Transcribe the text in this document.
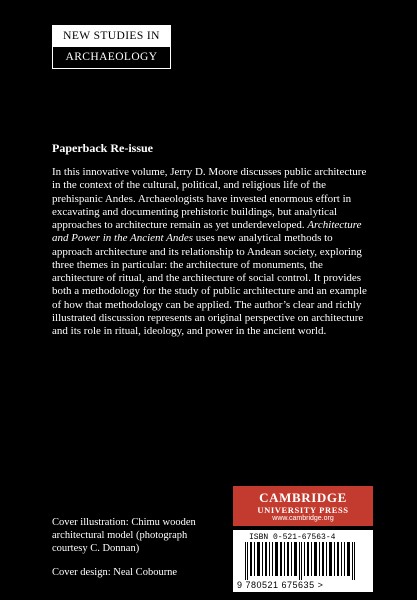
NEW STUDIES IN
ARCHAEOLOGY
Paperback Re-issue

In this innovative volume, Jerry D. Moore discusses public architecture in the context of the cultural, political, and religious life of the prehispanic Andes. Archaeologists have invested enormous effort in excavating and documenting prehistoric buildings, but analytical approaches to architecture remain as yet underdeveloped. Architecture and Power in the Ancient Andes uses new analytical methods to approach architecture and its relationship to Andean society, exploring three themes in particular: the architecture of monuments, the architecture of ritual, and the architecture of social control. It provides both a methodology for the study of public architecture and an example of how that methodology can be applied. The author’s clear and richly illustrated discussion represents an original perspective on architecture and its role in ritual, ideology, and power in the ancient world.

Cover illustration: Chimu wooden architectural model (photograph courtesy C. Donnan)
Cover design: Neal Cobourne
CAMBRIDGE
UNIVERSITY PRESS
www.cambridge.org
ISBN 0-521-67563-4
9 780521 675635 >
